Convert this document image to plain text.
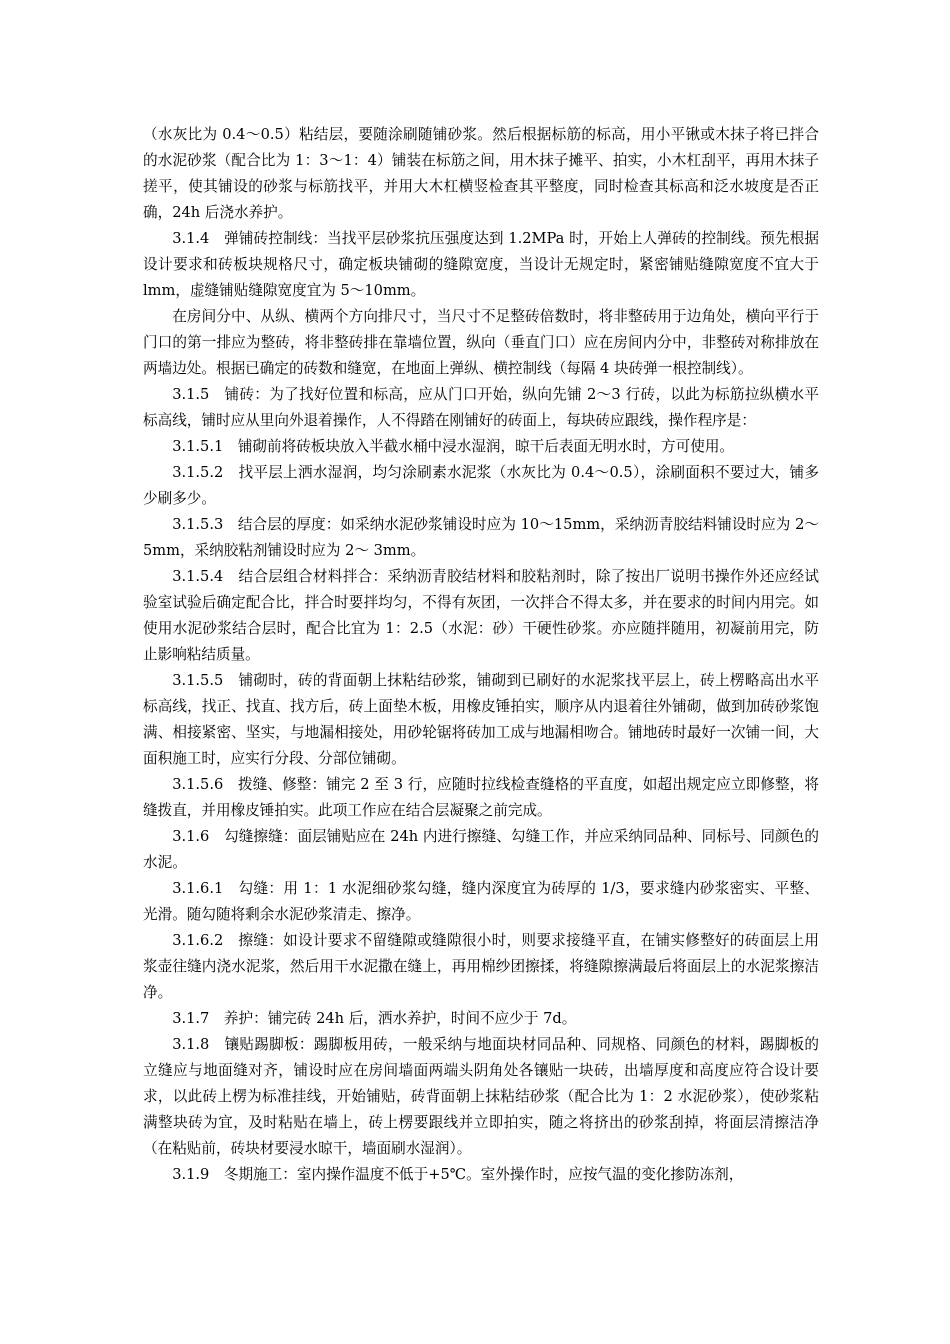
（水灰比为 0.4～0.5）粘结层，要随涂刷随铺砂浆。然后根据标筋的标高，用小平锹或木抹子将已拌合的水泥砂浆（配合比为 1：3～1：4）铺装在标筋之间，用木抹子摊平、拍实，小木杠刮平，再用木抹子搓平，使其铺设的砂浆与标筋找平，并用大木杠横竖检查其平整度，同时检查其标高和泛水坡度是否正确，24h 后浇水养护。

3.1.4　弹铺砖控制线：当找平层砂浆抗压强度达到 1.2MPa 时，开始上人弹砖的控制线。预先根据设计要求和砖板块规格尺寸，确定板块铺砌的缝隙宽度，当设计无规定时，紧密铺贴缝隙宽度不宜大于 lmm，虚缝铺贴缝隙宽度宜为 5～10mm。

在房间分中、从纵、横两个方向排尺寸，当尺寸不足整砖倍数时，将非整砖用于边角处，横向平行于门口的第一排应为整砖，将非整砖排在靠墙位置，纵向（垂直门口）应在房间内分中，非整砖对称排放在两墙边处。根据已确定的砖数和缝宽，在地面上弹纵、横控制线（每隔 4 块砖弹一根控制线）。

3.1.5　铺砖：为了找好位置和标高，应从门口开始，纵向先铺 2～3 行砖，以此为标筋拉纵横水平标高线，铺时应从里向外退着操作，人不得踏在刚铺好的砖面上，每块砖应跟线，操作程序是：

3.1.5.1　铺砌前将砖板块放入半截水桶中浸水湿润，晾干后表面无明水时，方可使用。

3.1.5.2　找平层上洒水湿润，均匀涂刷素水泥浆（水灰比为 0.4～0.5），涂刷面积不要过大，铺多少刷多少。

3.1.5.3　结合层的厚度：如采纳水泥砂浆铺设时应为 10～15mm，采纳沥青胶结料铺设时应为 2～5mm，采纳胶粘剂铺设时应为 2～ 3mm。

3.1.5.4　结合层组合材料拌合：采纳沥青胶结材料和胶粘剂时，除了按出厂说明书操作外还应经试验室试验后确定配合比，拌合时要拌均匀，不得有灰团，一次拌合不得太多，并在要求的时间内用完。如使用水泥砂浆结合层时，配合比宜为 1：2.5（水泥：砂）干硬性砂浆。亦应随拌随用，初凝前用完，防止影响粘结质量。

3.1.5.5　铺砌时，砖的背面朝上抹粘结砂浆，铺砌到已刷好的水泥浆找平层上，砖上楞略高出水平标高线，找正、找直、找方后，砖上面垫木板，用橡皮锤拍实，顺序从内退着往外铺砌，做到加砖砂浆饱满、相接紧密、坚实，与地漏相接处，用砂轮锯将砖加工成与地漏相吻合。铺地砖时最好一次铺一间，大面积施工时，应实行分段、分部位铺砌。

3.1.5.6　拨缝、修整：铺完 2 至 3 行，应随时拉线检查缝格的平直度，如超出规定应立即修整，将缝拨直，并用橡皮锤拍实。此项工作应在结合层凝聚之前完成。

3.1.6　勾缝擦缝：面层铺贴应在 24h 内进行擦缝、勾缝工作，并应采纳同品种、同标号、同颜色的水泥。

3.1.6.1　勾缝：用 1：1 水泥细砂浆勾缝，缝内深度宜为砖厚的 1/3，要求缝内砂浆密实、平整、光滑。随勾随将剩余水泥砂浆清走、擦净。

3.1.6.2　擦缝：如设计要求不留缝隙或缝隙很小时，则要求接缝平直，在铺实修整好的砖面层上用浆壶往缝内浇水泥浆，然后用干水泥撒在缝上，再用棉纱团擦揉，将缝隙擦满最后将面层上的水泥浆擦洁净。

3.1.7　养护：铺完砖 24h 后，洒水养护，时间不应少于 7d。

3.1.8　镶贴踢脚板：踢脚板用砖，一般采纳与地面块材同品种、同规格、同颜色的材料，踢脚板的立缝应与地面缝对齐，铺设时应在房间墙面两端头阴角处各镶贴一块砖，出墙厚度和高度应符合设计要求，以此砖上楞为标准挂线，开始铺贴，砖背面朝上抹粘结砂浆（配合比为 1：2 水泥砂浆），使砂浆粘满整块砖为宜，及时粘贴在墙上，砖上楞要跟线并立即拍实，随之将挤出的砂浆刮掉，将面层清擦洁净（在粘贴前，砖块材要浸水晾干，墙面刷水湿润）。

3.1.9　冬期施工：室内操作温度不低于+5℃。室外操作时，应按气温的变化掺防冻剂，
